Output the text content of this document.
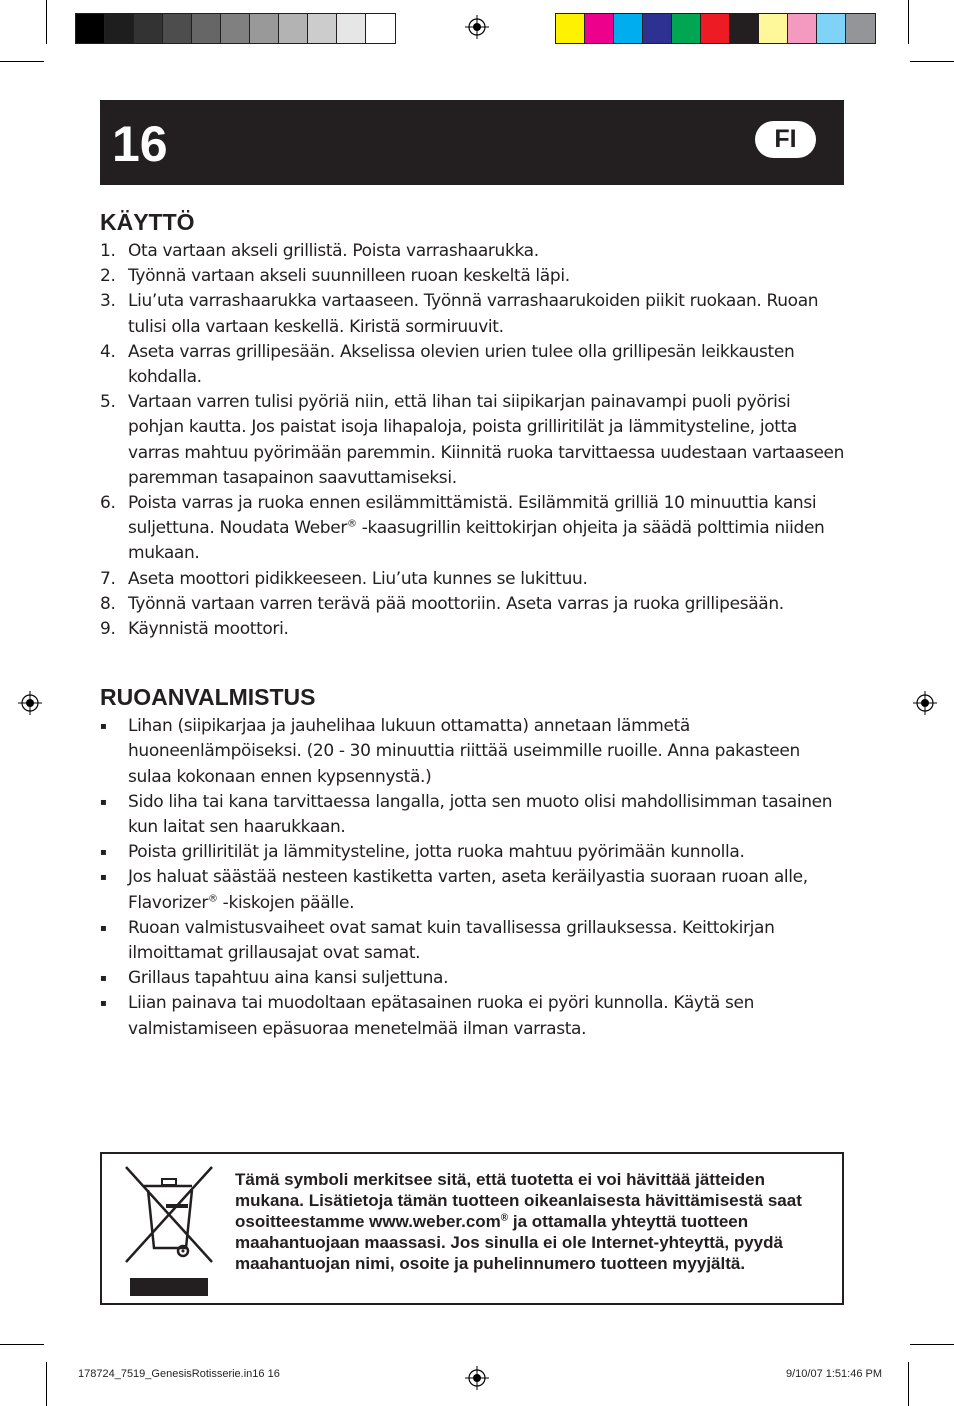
16	FI
KÄYTTÖ
1. Ota vartaan akseli grillistä. Poista varrashaarukka.
2. Työnnä vartaan akseli suunnilleen ruoan keskeltä läpi.
3. Liu’uta varrashaarukka vartaaseen. Työnnä varrashaarukoiden piikit ruokaan. Ruoan tulisi olla vartaan keskellä. Kiristä sormiruuvit.
4. Aseta varras grillipesään. Akselissa olevien urien tulee olla grillipesän leikkausten kohdalla.
5. Vartaan varren tulisi pyöriä niin, että lihan tai siipikarjan painavampi puoli pyörisi pohjan kautta. Jos paistat isoja lihapaloja, poista grilliritilät ja lämmitysteline, jotta varras mahtuu pyörimään paremmin. Kiinnitä ruoka tarvittaessa uudestaan vartaaseen paremman tasapainon saavuttamiseksi.
6. Poista varras ja ruoka ennen esilämmittämistä. Esilämmitä grilliä 10 minuuttia kansi suljettuna. Noudata Weber® -kaasugrillin keittokirjan ohjeita ja säädä polttimia niiden mukaan.
7. Aseta moottori pidikkeeseen. Liu’uta kunnes se lukittuu.
8. Työnnä vartaan varren terävä pää moottoriin. Aseta varras ja ruoka grillipesään.
9. Käynnistä moottori.
RUOANVALMISTUS
▪ Lihan (siipikarjaa ja jauhelihaa lukuun ottamatta) annetaan lämmetä huoneenlämpöiseksi. (20 - 30 minuuttia riittää useimmille ruoille. Anna pakasteen sulaa kokonaan ennen kypsennystä.)
▪ Sido liha tai kana tarvittaessa langalla, jotta sen muoto olisi mahdollisimman tasainen kun laitat sen haarukkaan.
▪ Poista grilliritilät ja lämmitysteline, jotta ruoka mahtuu pyörimään kunnolla.
▪ Jos haluat säästää nesteen kastiketta varten, aseta keräilyastia suoraan ruoan alle, Flavorizer® -kiskojen päälle.
▪ Ruoan valmistusvaiheet ovat samat kuin tavallisessa grillauksessa. Keittokirjan ilmoittamat grillausajat ovat samat.
▪ Grillaus tapahtuu aina kansi suljettuna.
▪ Liian painava tai muodoltaan epätasainen ruoka ei pyöri kunnolla. Käytä sen valmistamiseen epäsuoraa menetelmää ilman varrasta.
Tämä symboli merkitsee sitä, että tuotetta ei voi hävittää jätteiden mukana. Lisätietoja tämän tuotteen oikeanlaisesta hävittämisestä saat osoitteestamme www.weber.com® ja ottamalla yhteyttä tuotteen maahantuojaan maassasi. Jos sinulla ei ole Internet-yhteyttä, pyydä maahantuojan nimi, osoite ja puhelinnumero tuotteen myyjältä.
178724_7519_GenesisRotisserie.in16 16	9/10/07 1:51:46 PM
